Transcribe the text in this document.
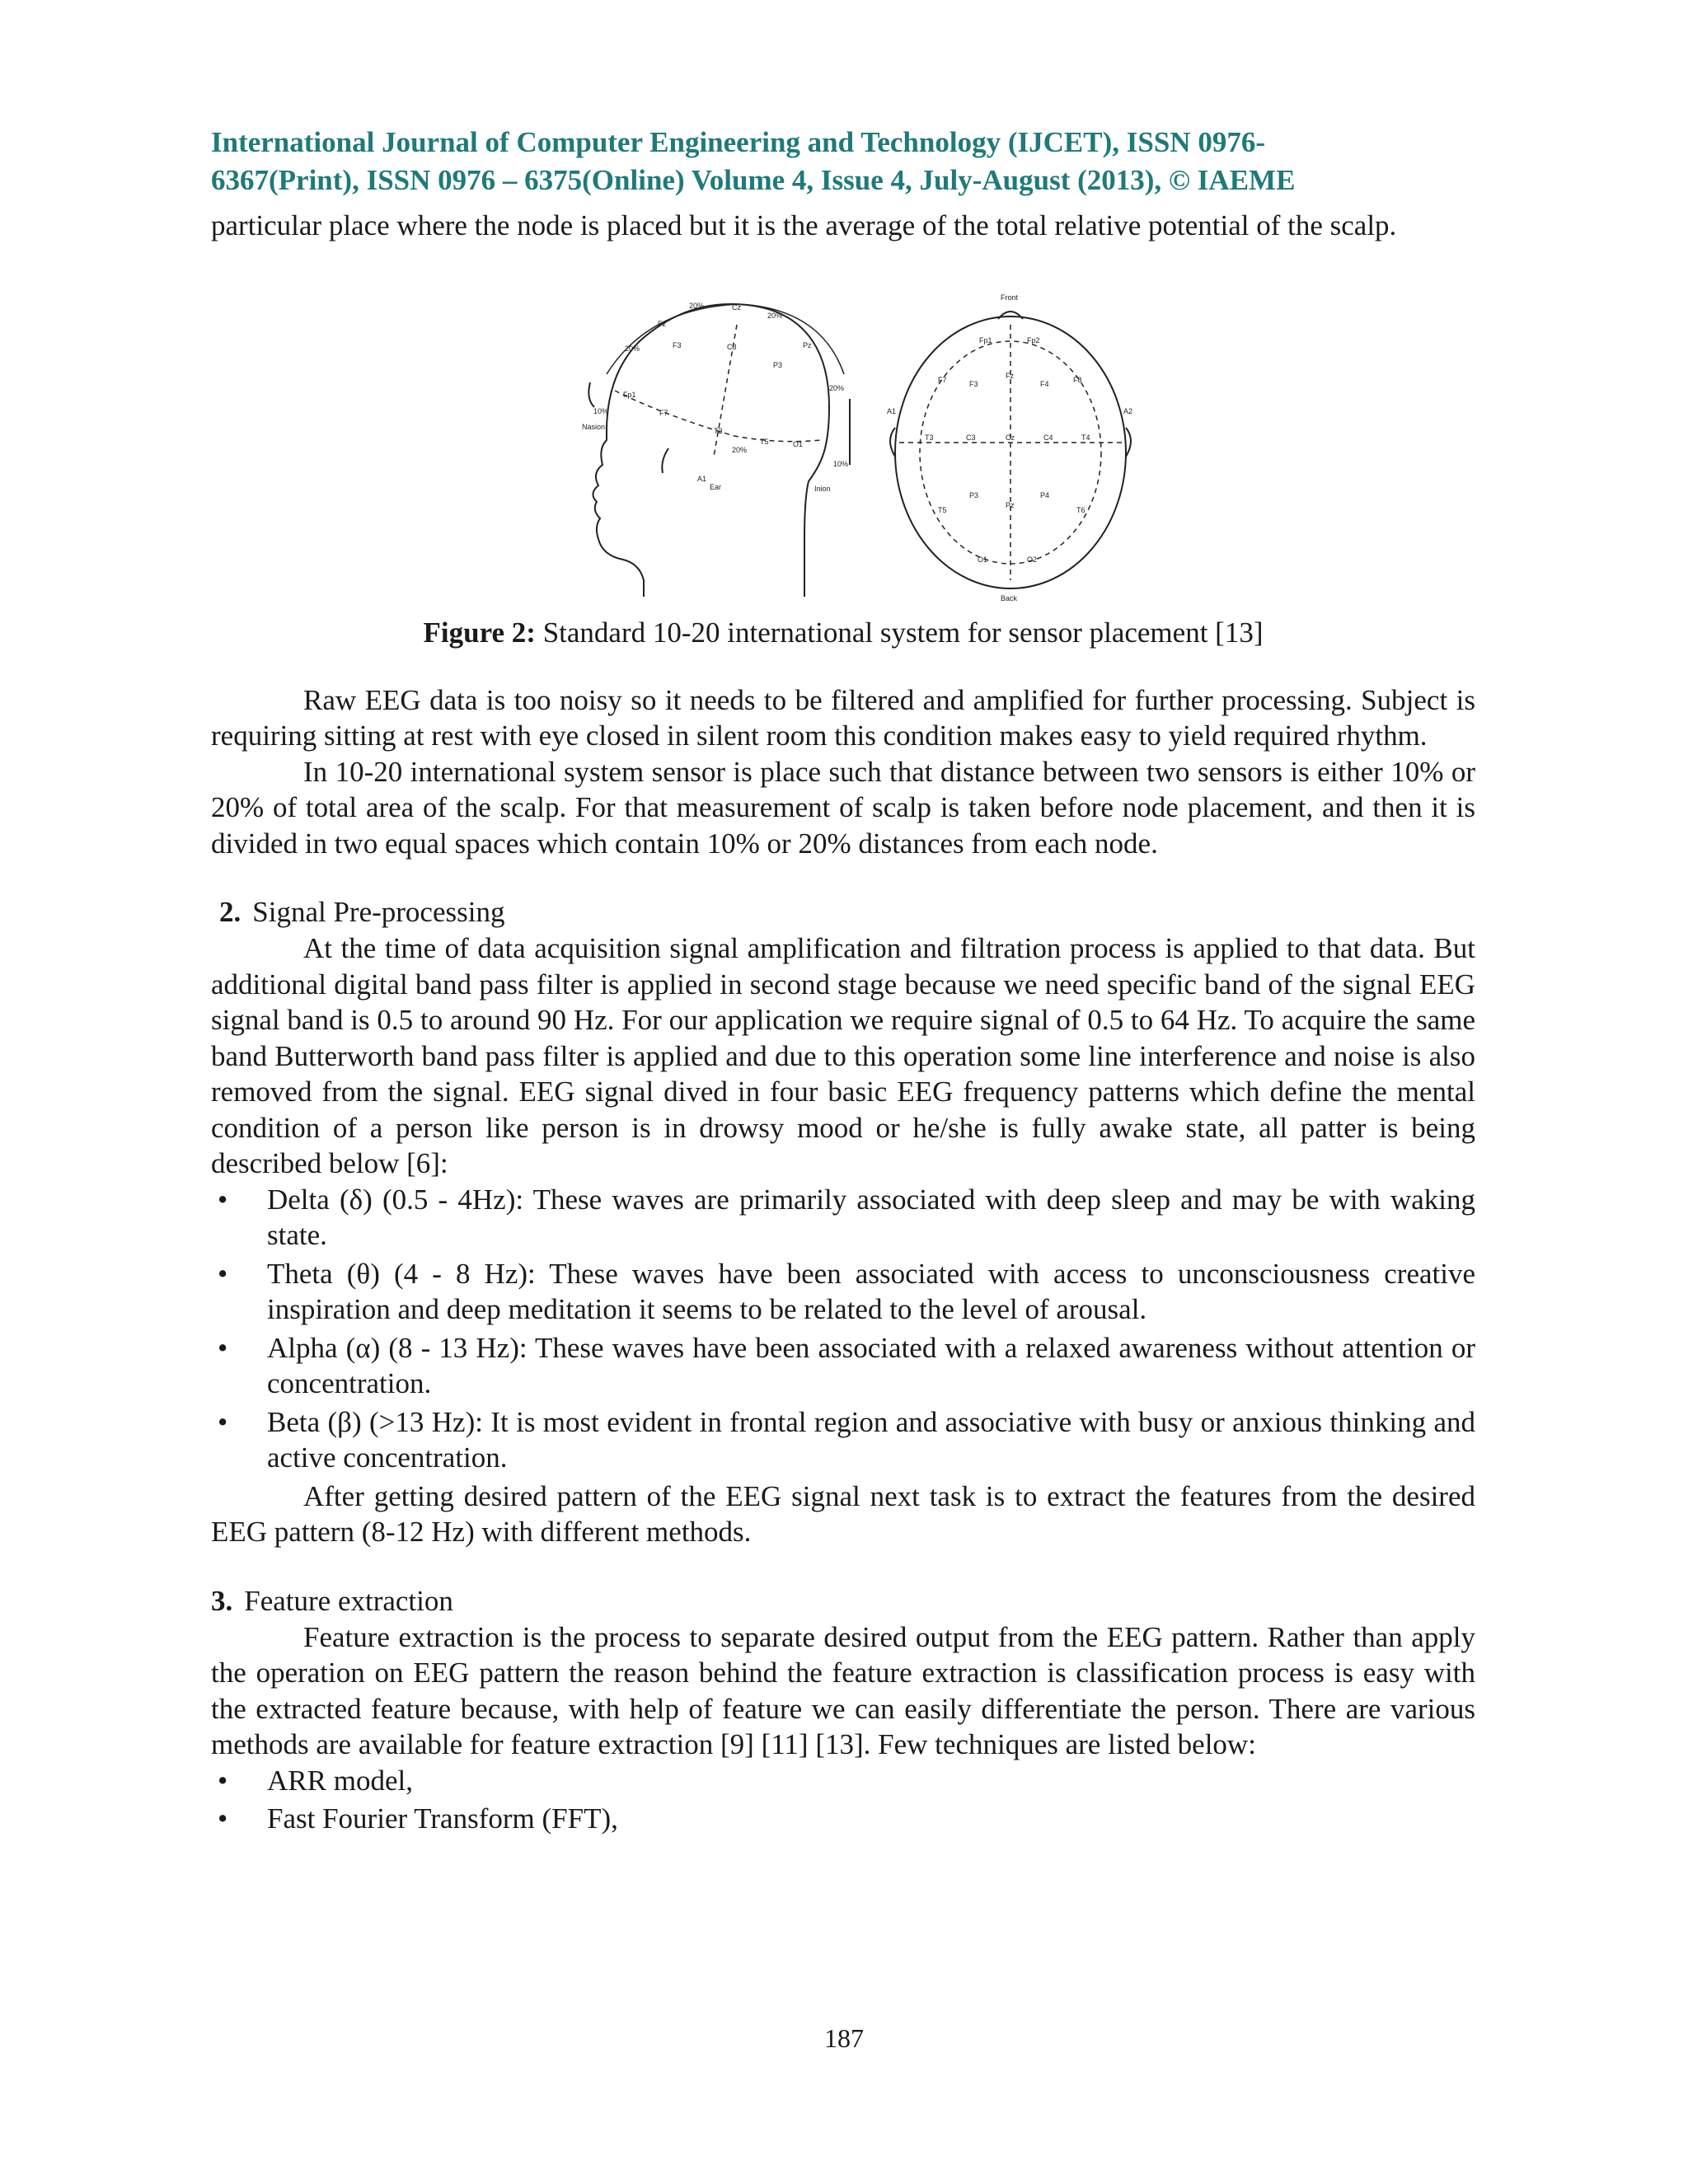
International Journal of Computer Engineering and Technology (IJCET), ISSN 0976-
6367(Print), ISSN 0976 – 6375(Online) Volume 4, Issue 4, July-August (2013), © IAEME

particular place where the node is placed but it is the average of the total relative potential of the scalp.

Fz
Cz
Pz
F3	C3
P3
Fp1
F7
T3
T5	O1
Nasion
Inion
A1
Ear
20%
20%
20%
20%
20%
10%
10%
Front
Back
A1	A2
Fp1	Fp2
F7	F3
Fz
F4	F8
T3	C3	Cz	C4	T4
T5
P3
Pz
P4
T6
O1	O2
Figure 2: Standard 10-20 international system for sensor placement [13]

Raw EEG data is too noisy so it needs to be filtered and amplified for further processing. Subject is requiring sitting at rest with eye closed in silent room this condition makes easy to yield required rhythm.

In 10-20 international system sensor is place such that distance between two sensors is either 10% or 20% of total area of the scalp. For that measurement of scalp is taken before node placement, and then it is divided in two equal spaces which contain 10% or 20% distances from each node.

2. Signal Pre-processing

At the time of data acquisition signal amplification and filtration process is applied to that data. But additional digital band pass filter is applied in second stage because we need specific band of the signal EEG signal band is 0.5 to around 90 Hz. For our application we require signal of 0.5 to 64 Hz. To acquire the same band Butterworth band pass filter is applied and due to this operation some line interference and noise is also removed from the signal. EEG signal dived in four basic EEG frequency patterns which define the mental condition of a person like person is in drowsy mood or he/she is fully awake state, all patter is being described below [6]:

• Delta (δ) (0.5 - 4Hz): These waves are primarily associated with deep sleep and may be with waking state.
• Theta (θ) (4 - 8 Hz): These waves have been associated with access to unconsciousness creative inspiration and deep meditation it seems to be related to the level of arousal.
• Alpha (α) (8 - 13 Hz): These waves have been associated with a relaxed awareness without attention or concentration.
• Beta (β) (>13 Hz): It is most evident in frontal region and associative with busy or anxious thinking and active concentration.

After getting desired pattern of the EEG signal next task is to extract the features from the desired EEG pattern (8-12 Hz) with different methods.

3. Feature extraction

Feature extraction is the process to separate desired output from the EEG pattern. Rather than apply the operation on EEG pattern the reason behind the feature extraction is classification process is easy with the extracted feature because, with help of feature we can easily differentiate the person. There are various methods are available for feature extraction [9] [11] [13]. Few techniques are listed below:

• ARR model,
• Fast Fourier Transform (FFT),
187
